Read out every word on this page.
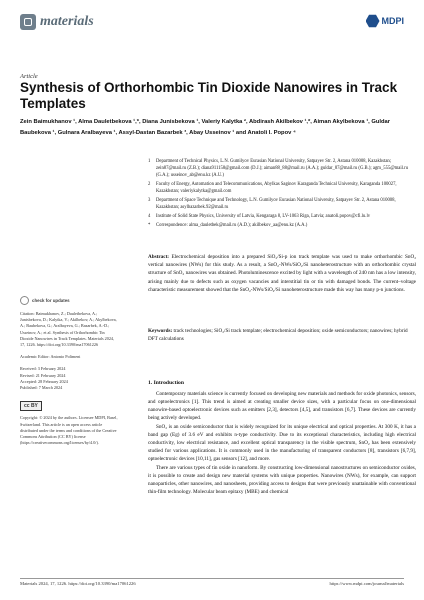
materials	MDPI
Article
Synthesis of Orthorhombic Tin Dioxide Nanowires in Track Templates
Zein Baimukhanov ¹, Alma Dauletbekova ¹,*, Diana Junisbekova ¹, Valeriy Kalytka ², Abdirash Akilbekov ¹,*, Aiman Akylbekova ¹, Guldar Baubekova ¹, Gulnara Aralbayeva ¹, Assyl-Dastan Bazarbek ³, Abay Usseinov ¹ and Anatoli I. Popov ⁴
1	Department of Technical Physics, L.N. Gumilyov Eurasian National University, Satpayev Str. 2, Astana 010008, Kazakhstan; zein87@mail.ru (Z.B.); diana911158@gmail.com (D.J.); aiman88_88@mail.ru (A.A.); guldar_87@mail.ru (G.B.); agm_555@mail.ru (G.A.); usseinov_ab@enu.kz (A.U.)
2	Faculty of Energy, Automation and Telecommunications, Abylkas Saginov Karaganda Technical University, Karaganda 100027, Kazakhstan; valeriykalytka@gmail.com
3	Department of Space Technique and Technology, L.N. Gumilyov Eurasian National University, Satpayev Str. 2, Astana 010008, Kazakhstan; asylbazarbek.92@mail.ru
4	Institute of Solid State Physics, University of Latvia, Kengaraga 8, LV-1063 Riga, Latvia; anatoli.popov@cfi.lu.lv
*	Correspondence: alma_dauletbek@mail.ru (A.D.); akilbekov_aa@enu.kz (A.A.)
Abstract: Electrochemical deposition into a prepared SiO₂/Si-p ion track template was used to make orthorhombic SnO₂ vertical nanowires (NWs) for this study. As a result, a SnO₂-NWs/SiO₂/Si nanoheterostructure with an orthorhombic crystal structure of SnO₂ nanowires was obtained. Photoluminescence excited by light with a wavelength of 240 nm has a low intensity, arising mainly due to defects such as oxygen vacancies and interstitial tin or tin with damaged bonds. The current–voltage characteristic measurement showed that the SnO₂-NWs/SiO₂/Si nanoheterostructure made this way has many p-n junctions.
Keywords: track technologies; SiO₂/Si track template; electrochemical deposition; oxide semiconductors; nanowires; hybrid DFT calculations
check for updates
Citation: Baimukhanov, Z.; Dauletbekova, A.; Junisbekova, D.; Kalytka, V.; Akilbekov, A.; Akylbekova, A.; Baubekova, G.; Aralbayeva, G.; Bazarbek, A.-D.; Usseinov, A.; et al. Synthesis of Orthorhombic Tin Dioxide Nanowires in Track Templates. Materials 2024, 17, 1226. https://doi.org/10.3390/ma17061226
Academic Editor: Antonio Polimeni
Received: 3 February 2024
Revised: 21 February 2024
Accepted: 28 February 2024
Published: 7 March 2024
cc BY
Copyright: © 2024 by the authors. Licensee MDPI, Basel, Switzerland. This article is an open access article distributed under the terms and conditions of the Creative Commons Attribution (CC BY) license (https://creativecommons.org/licenses/by/4.0/).
1. Introduction

Contemporary materials science is currently focused on developing new materials and methods for oxide photonics, sensors, and optoelectronics [1]. This trend is aimed at creating smaller device sizes, with a particular focus on one-dimensional nanowire-based optoelectronic devices such as emitters [2,3], detectors [4,5], and transistors [6,7]. These devices are currently being actively developed.

SnO₂ is an oxide semiconductor that is widely recognized for its unique electrical and optical properties. At 300 K, it has a band gap (Eg) of 3.6 eV and exhibits n-type conductivity. Due to its exceptional characteristics, including high electrical conductivity, low electrical resistance, and excellent optical transparency in the visible spectrum, SnO₂ has been extensively studied for various applications. It is commonly used in the manufacturing of transparent conductors [8], transistors [6,7,9], optoelectronic devices [10,11], gas sensors [12], and more.

There are various types of tin oxide in nanoform. By constructing low-dimensional nanostructures on semiconductor oxides, it is possible to create and design new material systems with unique properties. Nanowires (NWs), for example, can support nanoparticles, other nanowires, and nanosheets, providing access to designs that were previously unattainable with conventional thin-film technology. Molecular beam epitaxy (MBE) and chemical

Materials 2024, 17, 1226. https://doi.org/10.3390/ma17061226	https://www.mdpi.com/journal/materials
